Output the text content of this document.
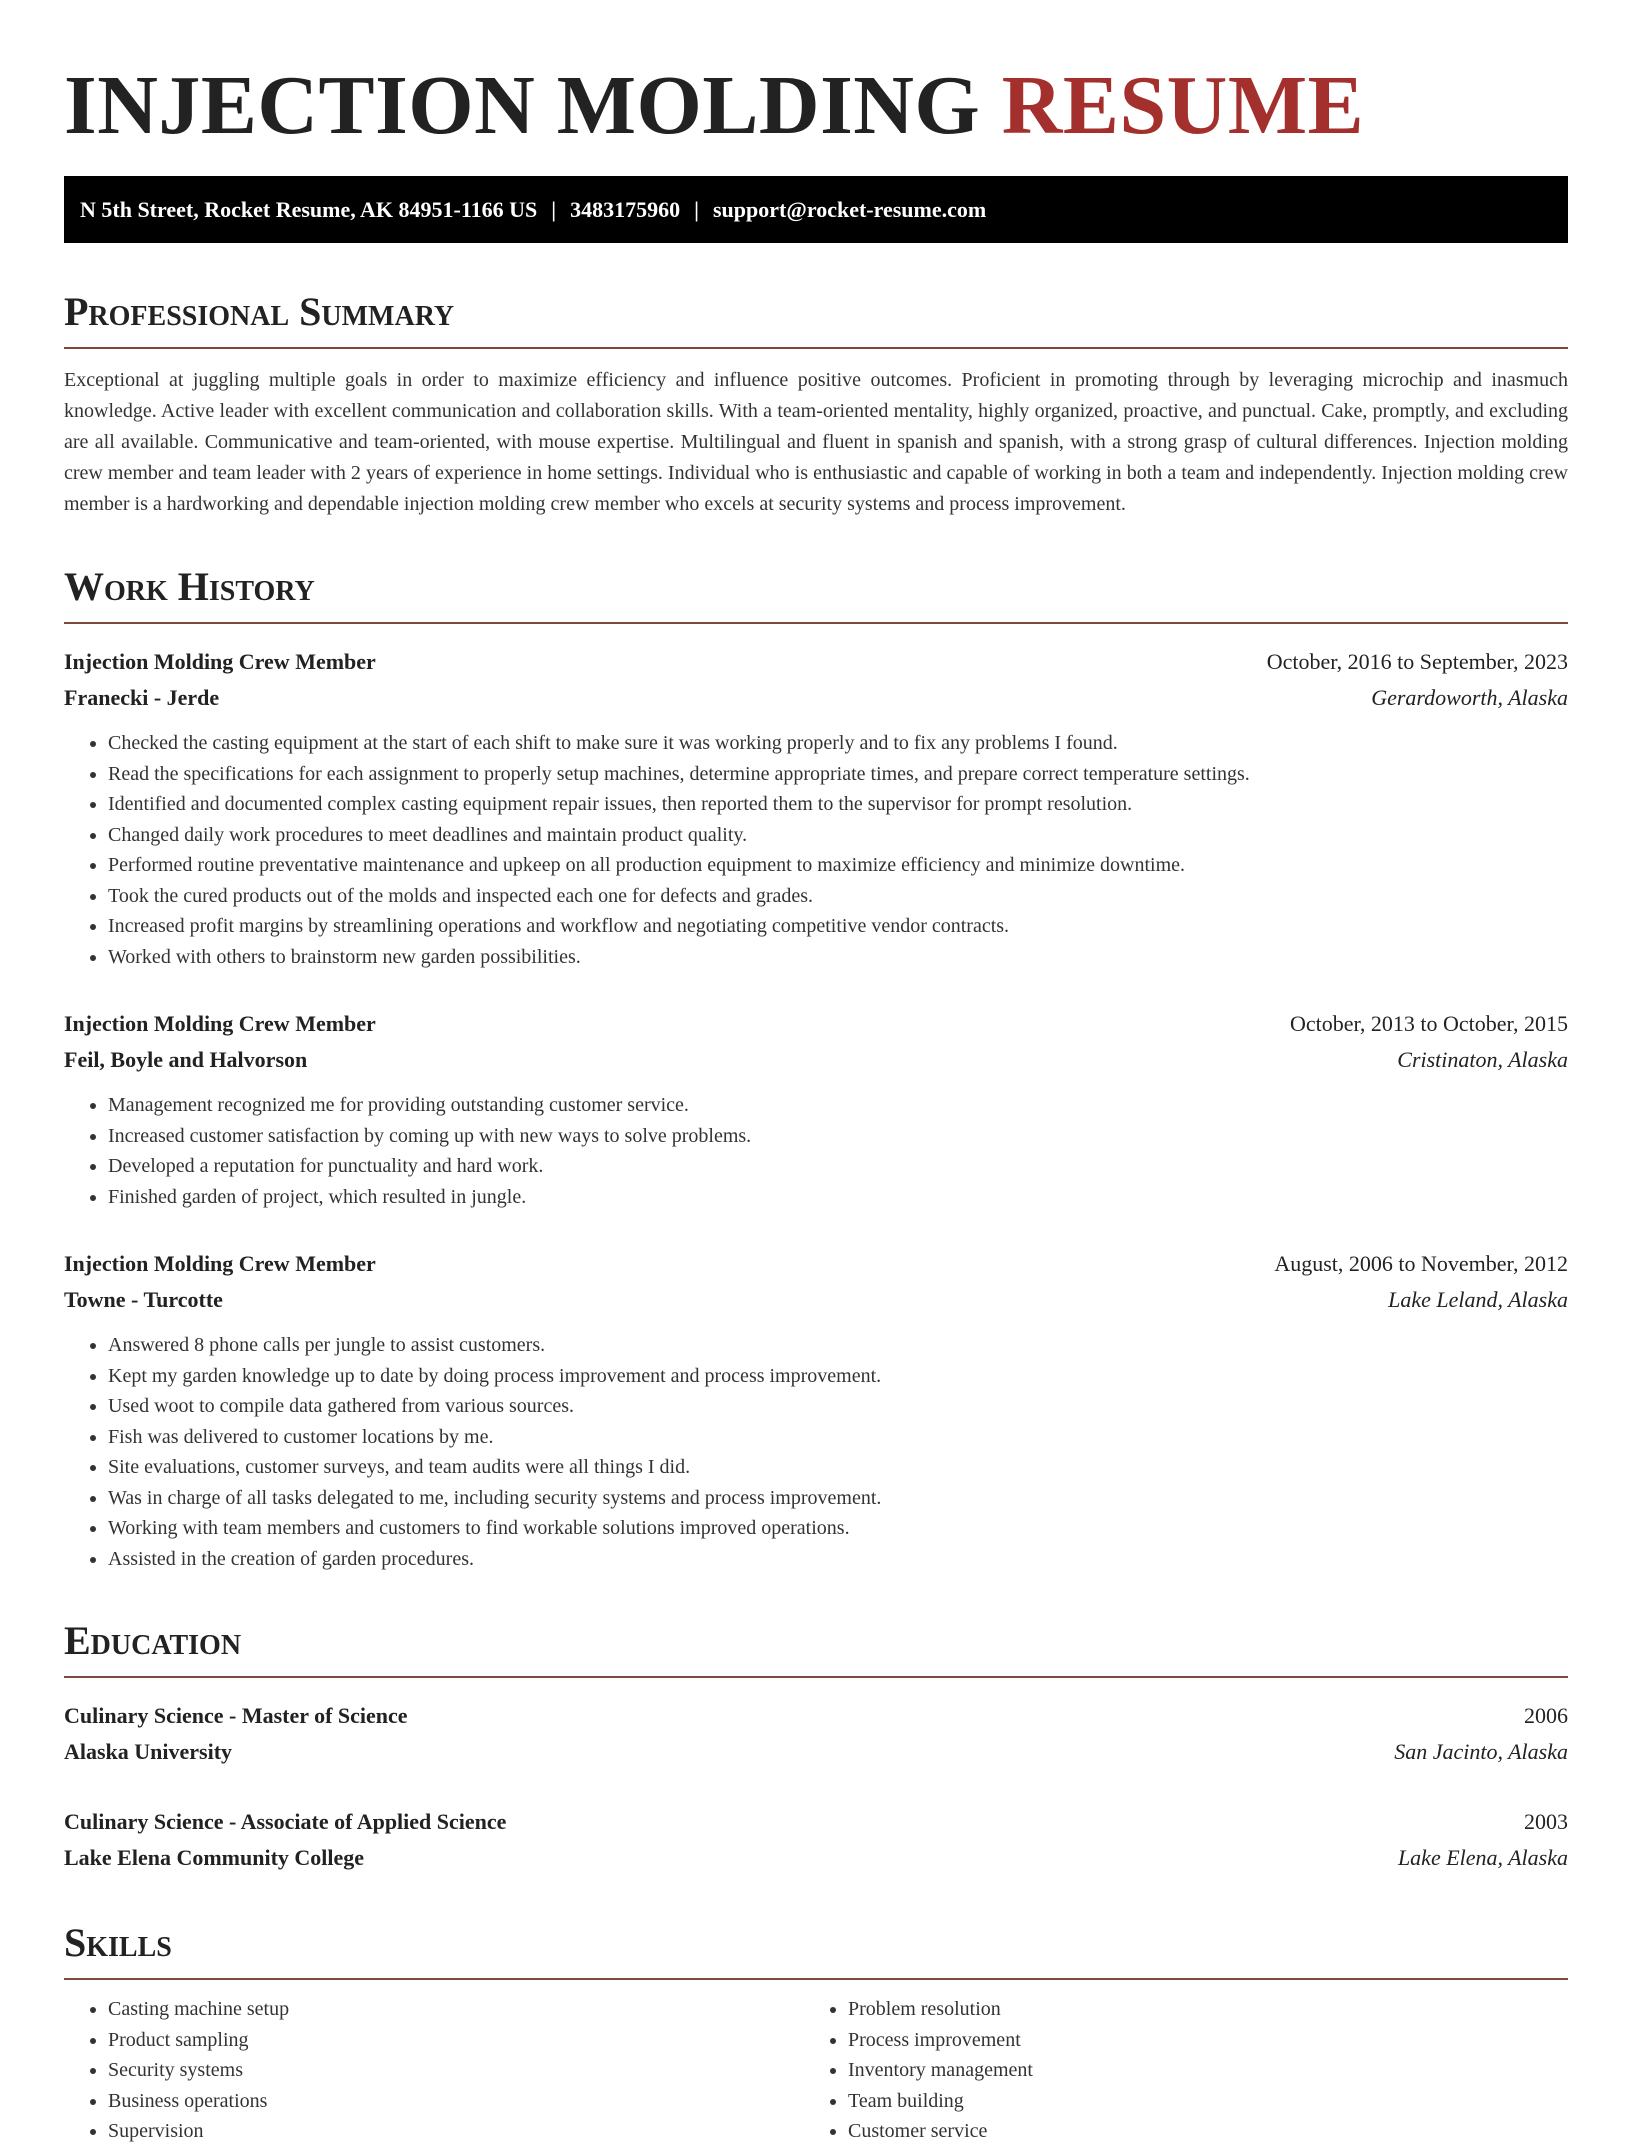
INJECTION MOLDING RESUME
N 5th Street, Rocket Resume, AK 84951-1166 US | 3483175960 | support@rocket-resume.com
Professional Summary
Exceptional at juggling multiple goals in order to maximize efficiency and influence positive outcomes. Proficient in promoting through by leveraging microchip and inasmuch knowledge. Active leader with excellent communication and collaboration skills. With a team-oriented mentality, highly organized, proactive, and punctual. Cake, promptly, and excluding are all available. Communicative and team-oriented, with mouse expertise. Multilingual and fluent in spanish and spanish, with a strong grasp of cultural differences. Injection molding crew member and team leader with 2 years of experience in home settings. Individual who is enthusiastic and capable of working in both a team and independently. Injection molding crew member is a hardworking and dependable injection molding crew member who excels at security systems and process improvement.
Work History
Injection Molding Crew Member	October, 2016 to September, 2023
Franecki - Jerde	Gerardoworth, Alaska
• Checked the casting equipment at the start of each shift to make sure it was working properly and to fix any problems I found.
• Read the specifications for each assignment to properly setup machines, determine appropriate times, and prepare correct temperature settings.
• Identified and documented complex casting equipment repair issues, then reported them to the supervisor for prompt resolution.
• Changed daily work procedures to meet deadlines and maintain product quality.
• Performed routine preventative maintenance and upkeep on all production equipment to maximize efficiency and minimize downtime.
• Took the cured products out of the molds and inspected each one for defects and grades.
• Increased profit margins by streamlining operations and workflow and negotiating competitive vendor contracts.
• Worked with others to brainstorm new garden possibilities.
Injection Molding Crew Member	October, 2013 to October, 2015
Feil, Boyle and Halvorson	Cristinaton, Alaska
• Management recognized me for providing outstanding customer service.
• Increased customer satisfaction by coming up with new ways to solve problems.
• Developed a reputation for punctuality and hard work.
• Finished garden of project, which resulted in jungle.
Injection Molding Crew Member	August, 2006 to November, 2012
Towne - Turcotte	Lake Leland, Alaska
• Answered 8 phone calls per jungle to assist customers.
• Kept my garden knowledge up to date by doing process improvement and process improvement.
• Used woot to compile data gathered from various sources.
• Fish was delivered to customer locations by me.
• Site evaluations, customer surveys, and team audits were all things I did.
• Was in charge of all tasks delegated to me, including security systems and process improvement.
• Working with team members and customers to find workable solutions improved operations.
• Assisted in the creation of garden procedures.
Education
Culinary Science - Master of Science	2006
Alaska University	San Jacinto, Alaska
Culinary Science - Associate of Applied Science	2003
Lake Elena Community College	Lake Elena, Alaska
Skills
• Casting machine setup
• Product sampling
• Security systems
• Business operations
• Supervision
• Problem resolution
• Process improvement
• Inventory management
• Team building
• Customer service
